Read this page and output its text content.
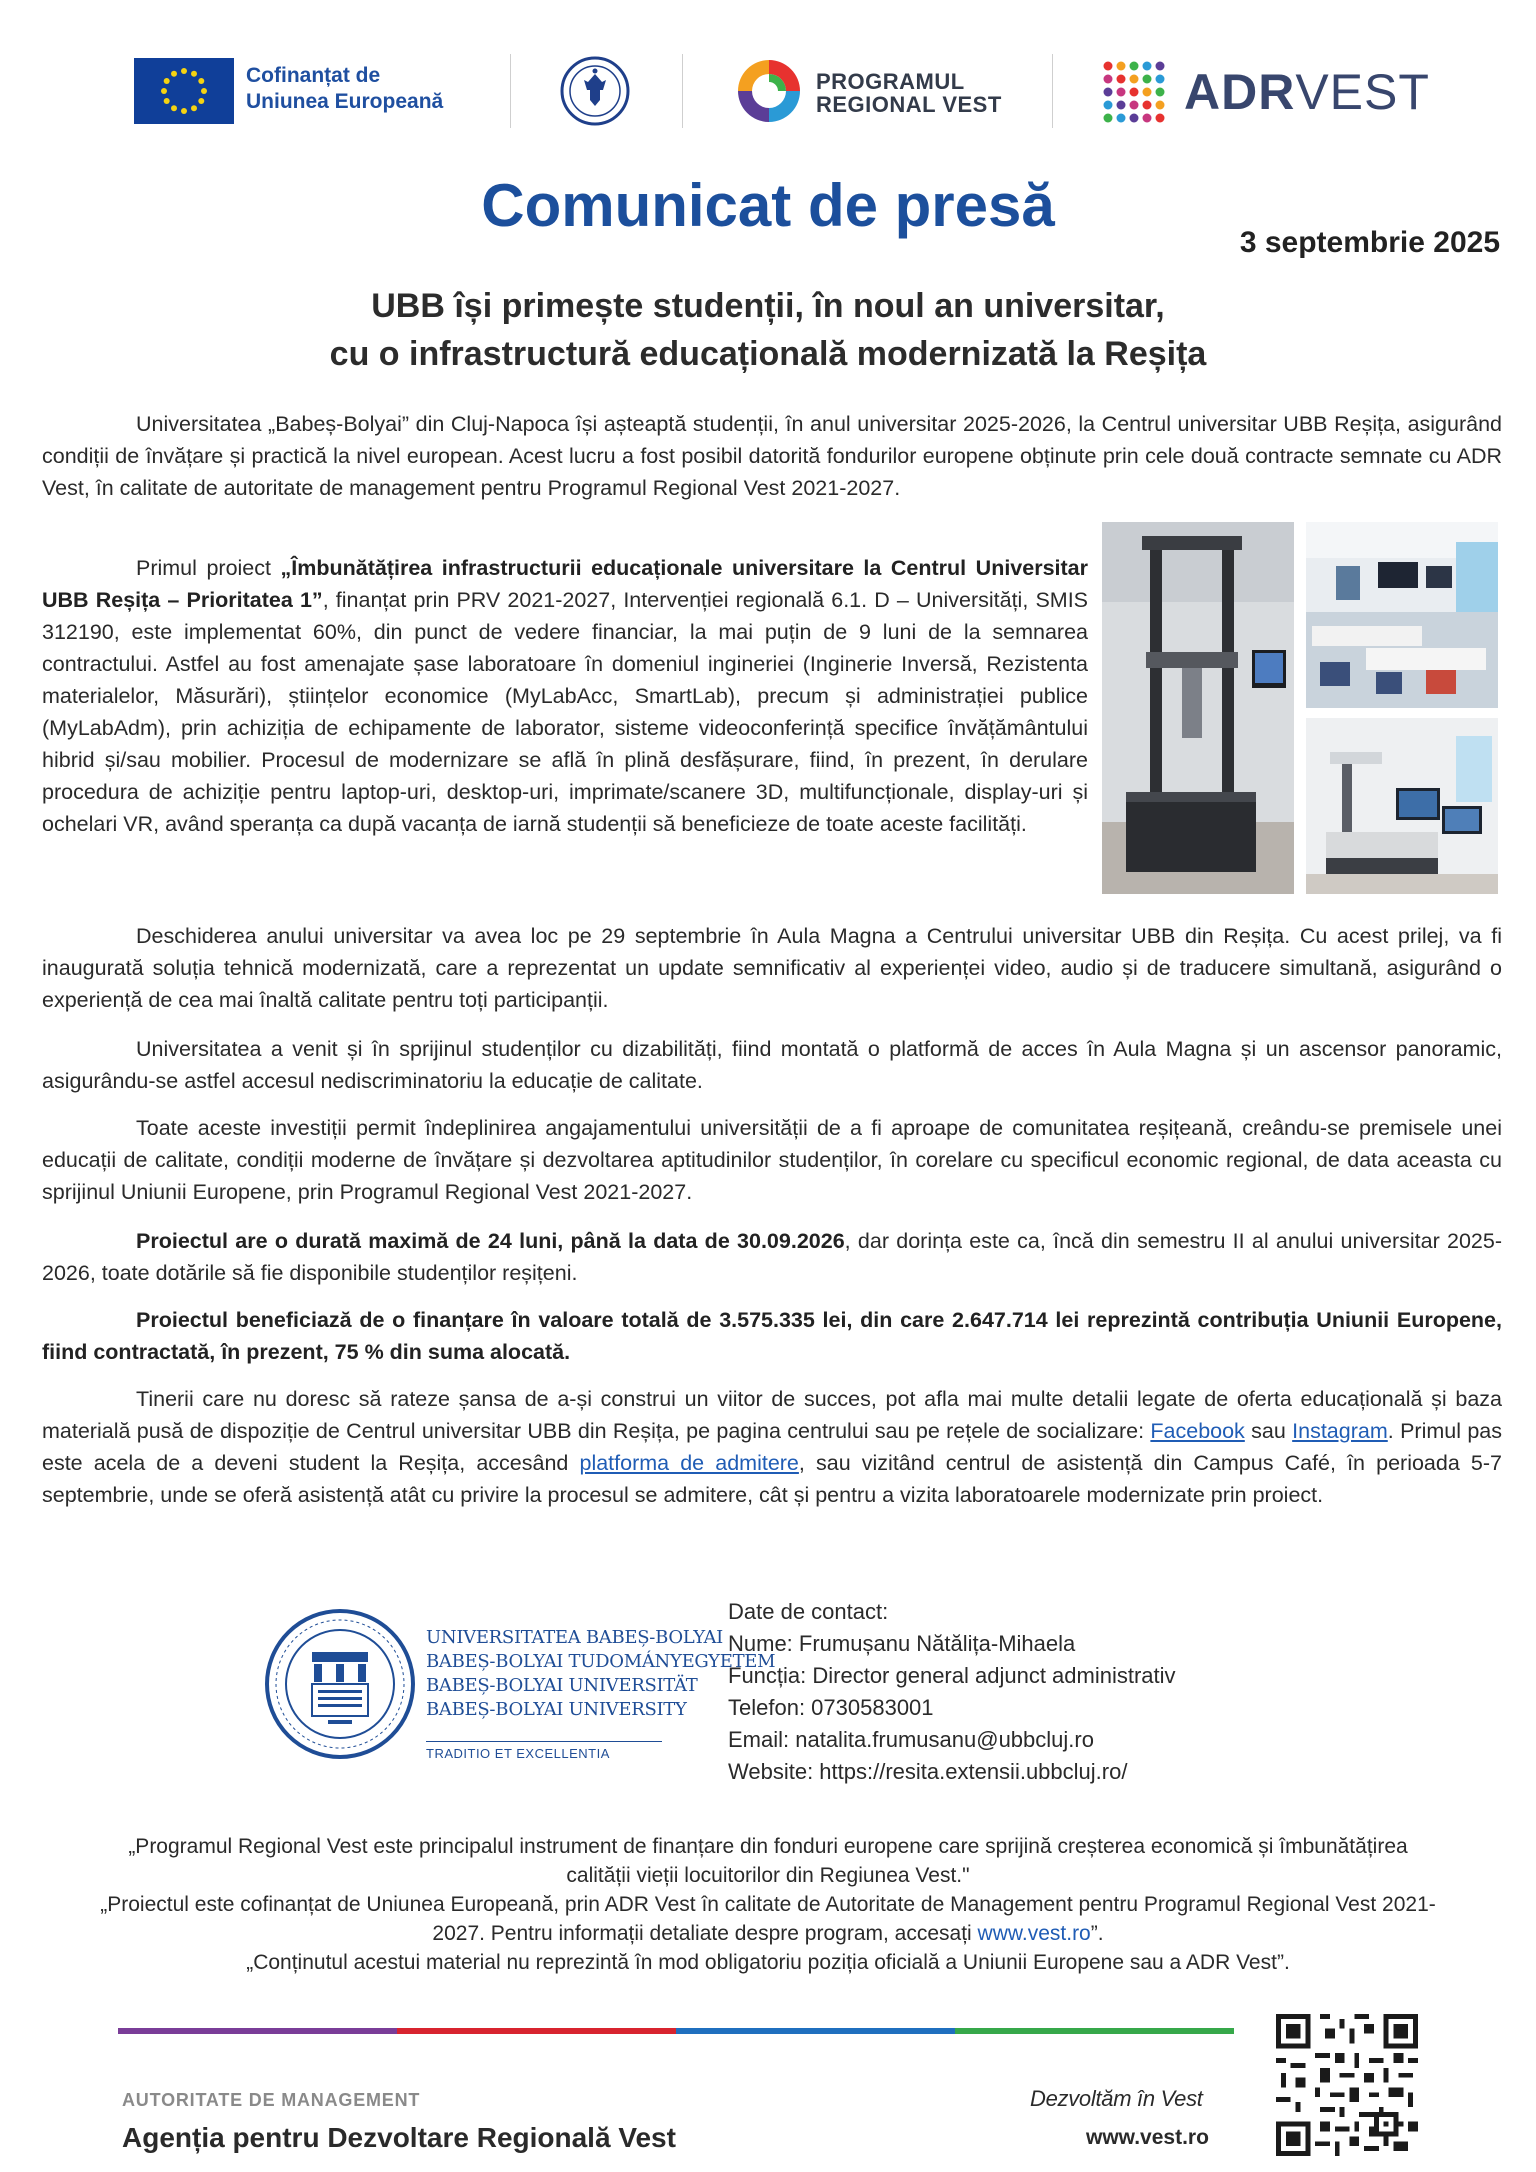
Cofinanțat de
Uniunea Europeană
PROGRAMUL
REGIONAL VEST	ADRVEST
Comunicat de presă
3 septembrie 2025
UBB își primește studenții, în noul an universitar,
cu o infrastructură educațională modernizată la Reșița

Universitatea „Babeș-Bolyai” din Cluj-Napoca își așteaptă studenții, în anul universitar 2025-2026, la Centrul universitar UBB Reșița, asigurând condiții de învățare și practică la nivel european. Acest lucru a fost posibil datorită fondurilor europene obținute prin cele două contracte semnate cu ADR Vest, în calitate de autoritate de management pentru Programul Regional Vest 2021-2027.

Primul proiect „Îmbunătățirea infrastructurii educaționale universitare la Centrul Universitar UBB Reșița – Prioritatea 1”, finanțat prin PRV 2021-2027, Intervenției regională 6.1. D – Universități, SMIS 312190, este implementat 60%, din punct de vedere financiar, la mai puțin de 9 luni de la semnarea contractului. Astfel au fost amenajate șase laboratoare în domeniul ingineriei (Inginerie Inversă, Rezistenta materialelor, Măsurări), științelor economice (MyLabAcc, SmartLab), precum și administrației publice (MyLabAdm), prin achiziția de echipamente de laborator, sisteme videoconferință specifice învățământului hibrid și/sau mobilier. Procesul de modernizare se află în plină desfășurare, fiind, în prezent, în derulare procedura de achiziție pentru laptop-uri, desktop-uri, imprimate/scanere 3D, multifuncționale, display-uri și ochelari VR, având speranța ca după vacanța de iarnă studenții să beneficieze de toate aceste facilități.

Deschiderea anului universitar va avea loc pe 29 septembrie în Aula Magna a Centrului universitar UBB din Reșița. Cu acest prilej, va fi inaugurată soluția tehnică modernizată, care a reprezentat un update semnificativ al experienței video, audio și de traducere simultană, asigurând o experiență de cea mai înaltă calitate pentru toți participanții.

Universitatea a venit și în sprijinul studenților cu dizabilități, fiind montată o platformă de acces în Aula Magna și un ascensor panoramic, asigurându-se astfel accesul nediscriminatoriu la educație de calitate.

Toate aceste investiții permit îndeplinirea angajamentului universității de a fi aproape de comunitatea reșițeană, creându-se premisele unei educații de calitate, condiții moderne de învățare și dezvoltarea aptitudinilor studenților, în corelare cu specificul economic regional, de data aceasta cu sprijinul Uniunii Europene, prin Programul Regional Vest 2021-2027.

Proiectul are o durată maximă de 24 luni, până la data de 30.09.2026, dar dorința este ca, încă din semestru II al anului universitar 2025-2026, toate dotările să fie disponibile studenților reșițeni.

Proiectul beneficiază de o finanțare în valoare totală de 3.575.335 lei, din care 2.647.714 lei reprezintă contribuția Uniunii Europene, fiind contractată, în prezent, 75 % din suma alocată.

Tinerii care nu doresc să rateze șansa de a-și construi un viitor de succes, pot afla mai multe detalii legate de oferta educațională și baza materială pusă de dispoziție de Centrul universitar UBB din Reșița, pe pagina centrului sau pe rețele de socializare: Facebook sau Instagram. Primul pas este acela de a deveni student la Reșița, accesând platforma de admitere, sau vizitând centrul de asistență din Campus Café, în perioada 5-7 septembrie, unde se oferă asistență atât cu privire la procesul se admitere, cât și pentru a vizita laboratoarele modernizate prin proiect.

UNIVERSITATEA BABEȘ-BOLYAI
BABEȘ-BOLYAI TUDOMÁNYEGYETEM
BABEȘ-BOLYAI UNIVERSITÄT
BABEȘ-BOLYAI UNIVERSITY
TRADITIO ET EXCELLENTIA
Date de contact:
Nume: Frumușanu Nătălița-Mihaela
Funcția: Director general adjunct administrativ
Telefon: 0730583001
Email: natalita.frumusanu@ubbcluj.ro
Website: https://resita.extensii.ubbcluj.ro/
„Programul Regional Vest este principalul instrument de finanțare din fonduri europene care sprijină creșterea economică și îmbunătățirea calității vieții locuitorilor din Regiunea Vest."
„Proiectul este cofinanțat de Uniunea Europeană, prin ADR Vest în calitate de Autoritate de Management pentru Programul Regional Vest 2021-2027. Pentru informații detaliate despre program, accesați www.vest.ro”.
„Conținutul acestui material nu reprezintă în mod obligatoriu poziția oficială a Uniunii Europene sau a ADR Vest”.
AUTORITATE DE MANAGEMENT
Agenția pentru Dezvoltare Regională Vest
Dezvoltăm în Vest
www.vest.ro
